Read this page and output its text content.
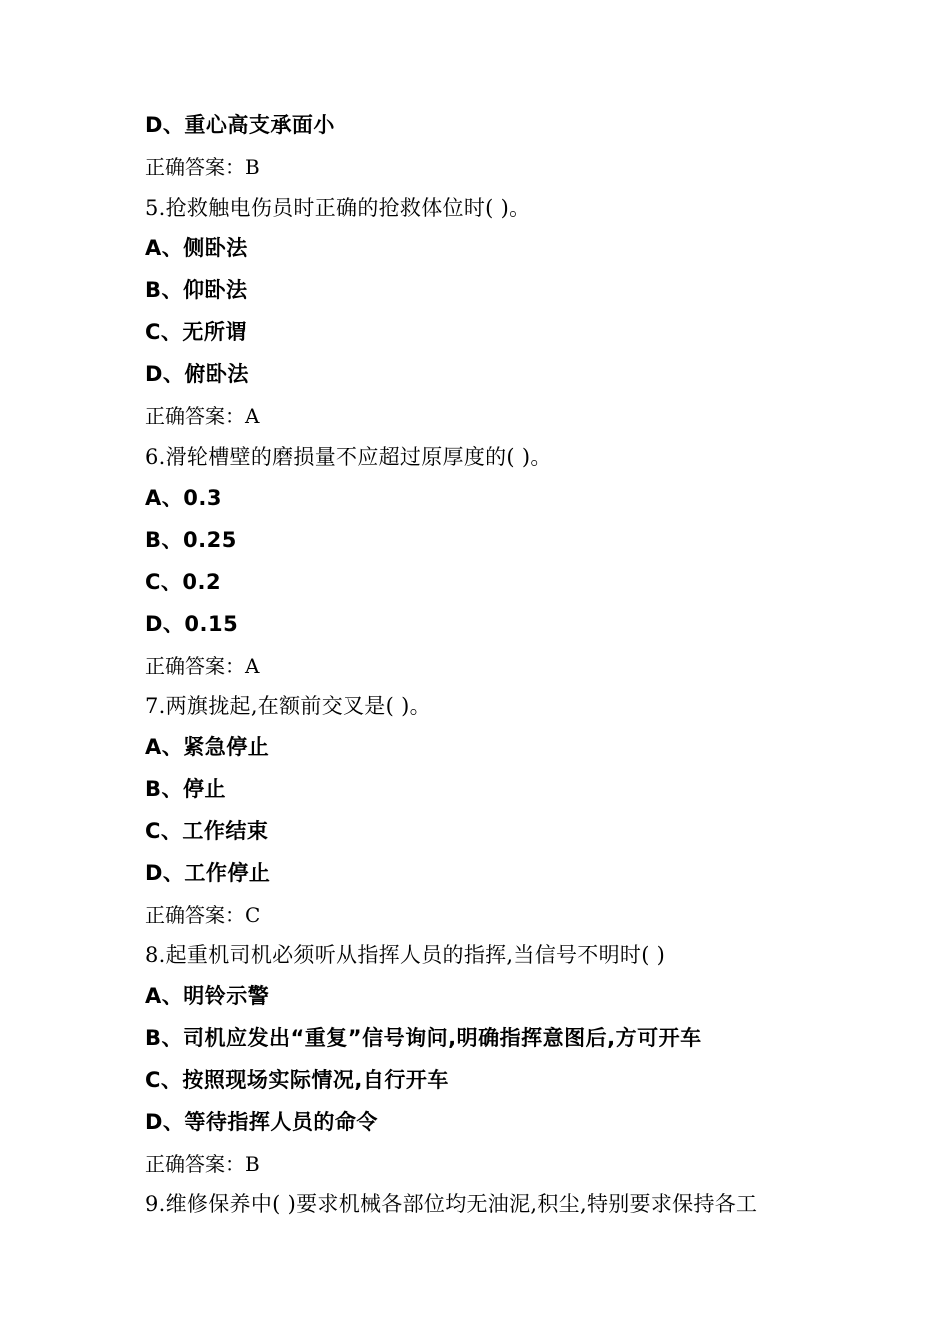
D、重心高支承面小
正确答案：B
5.抢救触电伤员时正确的抢救体位时( )。
A、侧卧法
B、仰卧法
C、无所谓
D、俯卧法
正确答案：A
6.滑轮槽壁的磨损量不应超过原厚度的( )。
A、0.3
B、0.25
C、0.2
D、0.15
正确答案：A
7.两旗拢起,在额前交叉是( )。
A、紧急停止
B、停止
C、工作结束
D、工作停止
正确答案：C
8.起重机司机必须听从指挥人员的指挥,当信号不明时( )
A、明铃示警
B、司机应发出“重复”信号询问,明确指挥意图后,方可开车
C、按照现场实际情况,自行开车
D、等待指挥人员的命令
正确答案：B
9.维修保养中( )要求机械各部位均无油泥,积尘,特别要求保持各工
